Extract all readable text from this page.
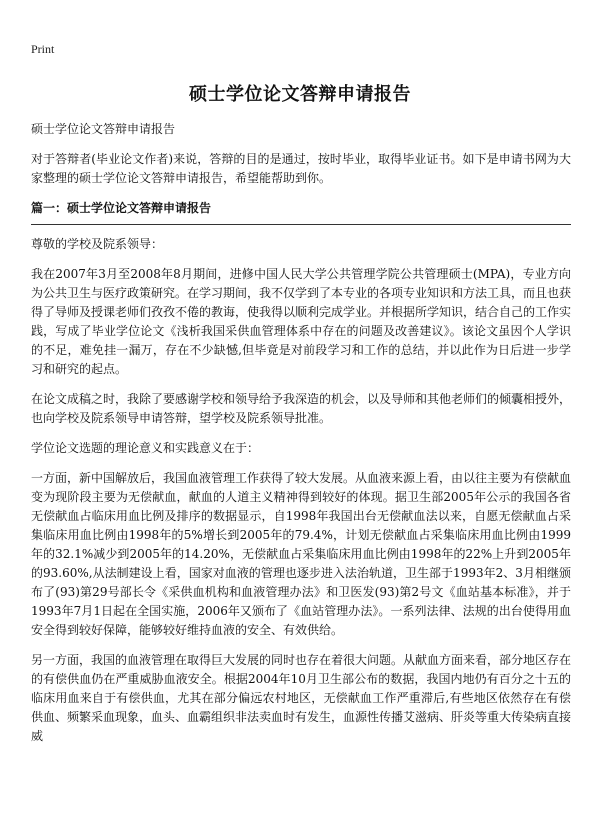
Print
硕士学位论文答辩申请报告

硕士学位论文答辩申请报告

对于答辩者(毕业论文作者)来说，答辩的目的是通过，按时毕业，取得毕业证书。如下是申请书网为大家整理的硕士学位论文答辩申请报告，希望能帮助到你。

篇一：硕士学位论文答辩申请报告

尊敬的学校及院系领导：

我在2007年3月至2008年8月期间，进修中国人民大学公共管理学院公共管理硕士(MPA)，专业方向为公共卫生与医疗政策研究。在学习期间，我不仅学到了本专业的各项专业知识和方法工具，而且也获得了导师及授课老师们孜孜不倦的教诲，使我得以顺利完成学业。并根据所学知识，结合自己的工作实践，写成了毕业学位论文《浅析我国采供血管理体系中存在的问题及改善建议》。该论文虽因个人学识的不足，难免挂一漏万，存在不少缺憾,但毕竟是对前段学习和工作的总结，并以此作为日后进一步学习和研究的起点。

在论文成稿之时，我除了要感谢学校和领导给予我深造的机会，以及导师和其他老师们的倾囊相授外，也向学校及院系领导申请答辩，望学校及院系领导批准。

学位论文选题的理论意义和实践意义在于：

一方面，新中国解放后，我国血液管理工作获得了较大发展。从血液来源上看，由以往主要为有偿献血变为现阶段主要为无偿献血，献血的人道主义精神得到较好的体现。据卫生部2005年公示的我国各省无偿献血占临床用血比例及排序的数据显示，自1998年我国出台无偿献血法以来，自愿无偿献血占采集临床用血比例由1998年的5%增长到2005年的79.4%，计划无偿献血占采集临床用血比例由1999年的32.1%减少到2005年的14.20%，无偿献血占采集临床用血比例由1998年的22%上升到2005年的93.60%,从法制建设上看，国家对血液的管理也逐步进入法治轨道，卫生部于1993年2、3月相继颁布了(93)第29号部长令《采供血机构和血液管理办法》和卫医发(93)第2号文《血站基本标准》，并于1993年7月1日起在全国实施，2006年又颁布了《血站管理办法》。一系列法律、法规的出台使得用血安全得到较好保障，能够较好维持血液的安全、有效供给。

另一方面，我国的血液管理在取得巨大发展的同时也存在着很大问题。从献血方面来看，部分地区存在的有偿供血仍在严重威胁血液安全。根据2004年10月卫生部公布的数据，我国内地仍有百分之十五的临床用血来自于有偿供血，尤其在部分偏远农村地区，无偿献血工作严重滞后,有些地区依然存在有偿供血、频繁采血现象，血头、血霸组织非法卖血时有发生，血源性传播艾滋病、肝炎等重大传染病直接威
